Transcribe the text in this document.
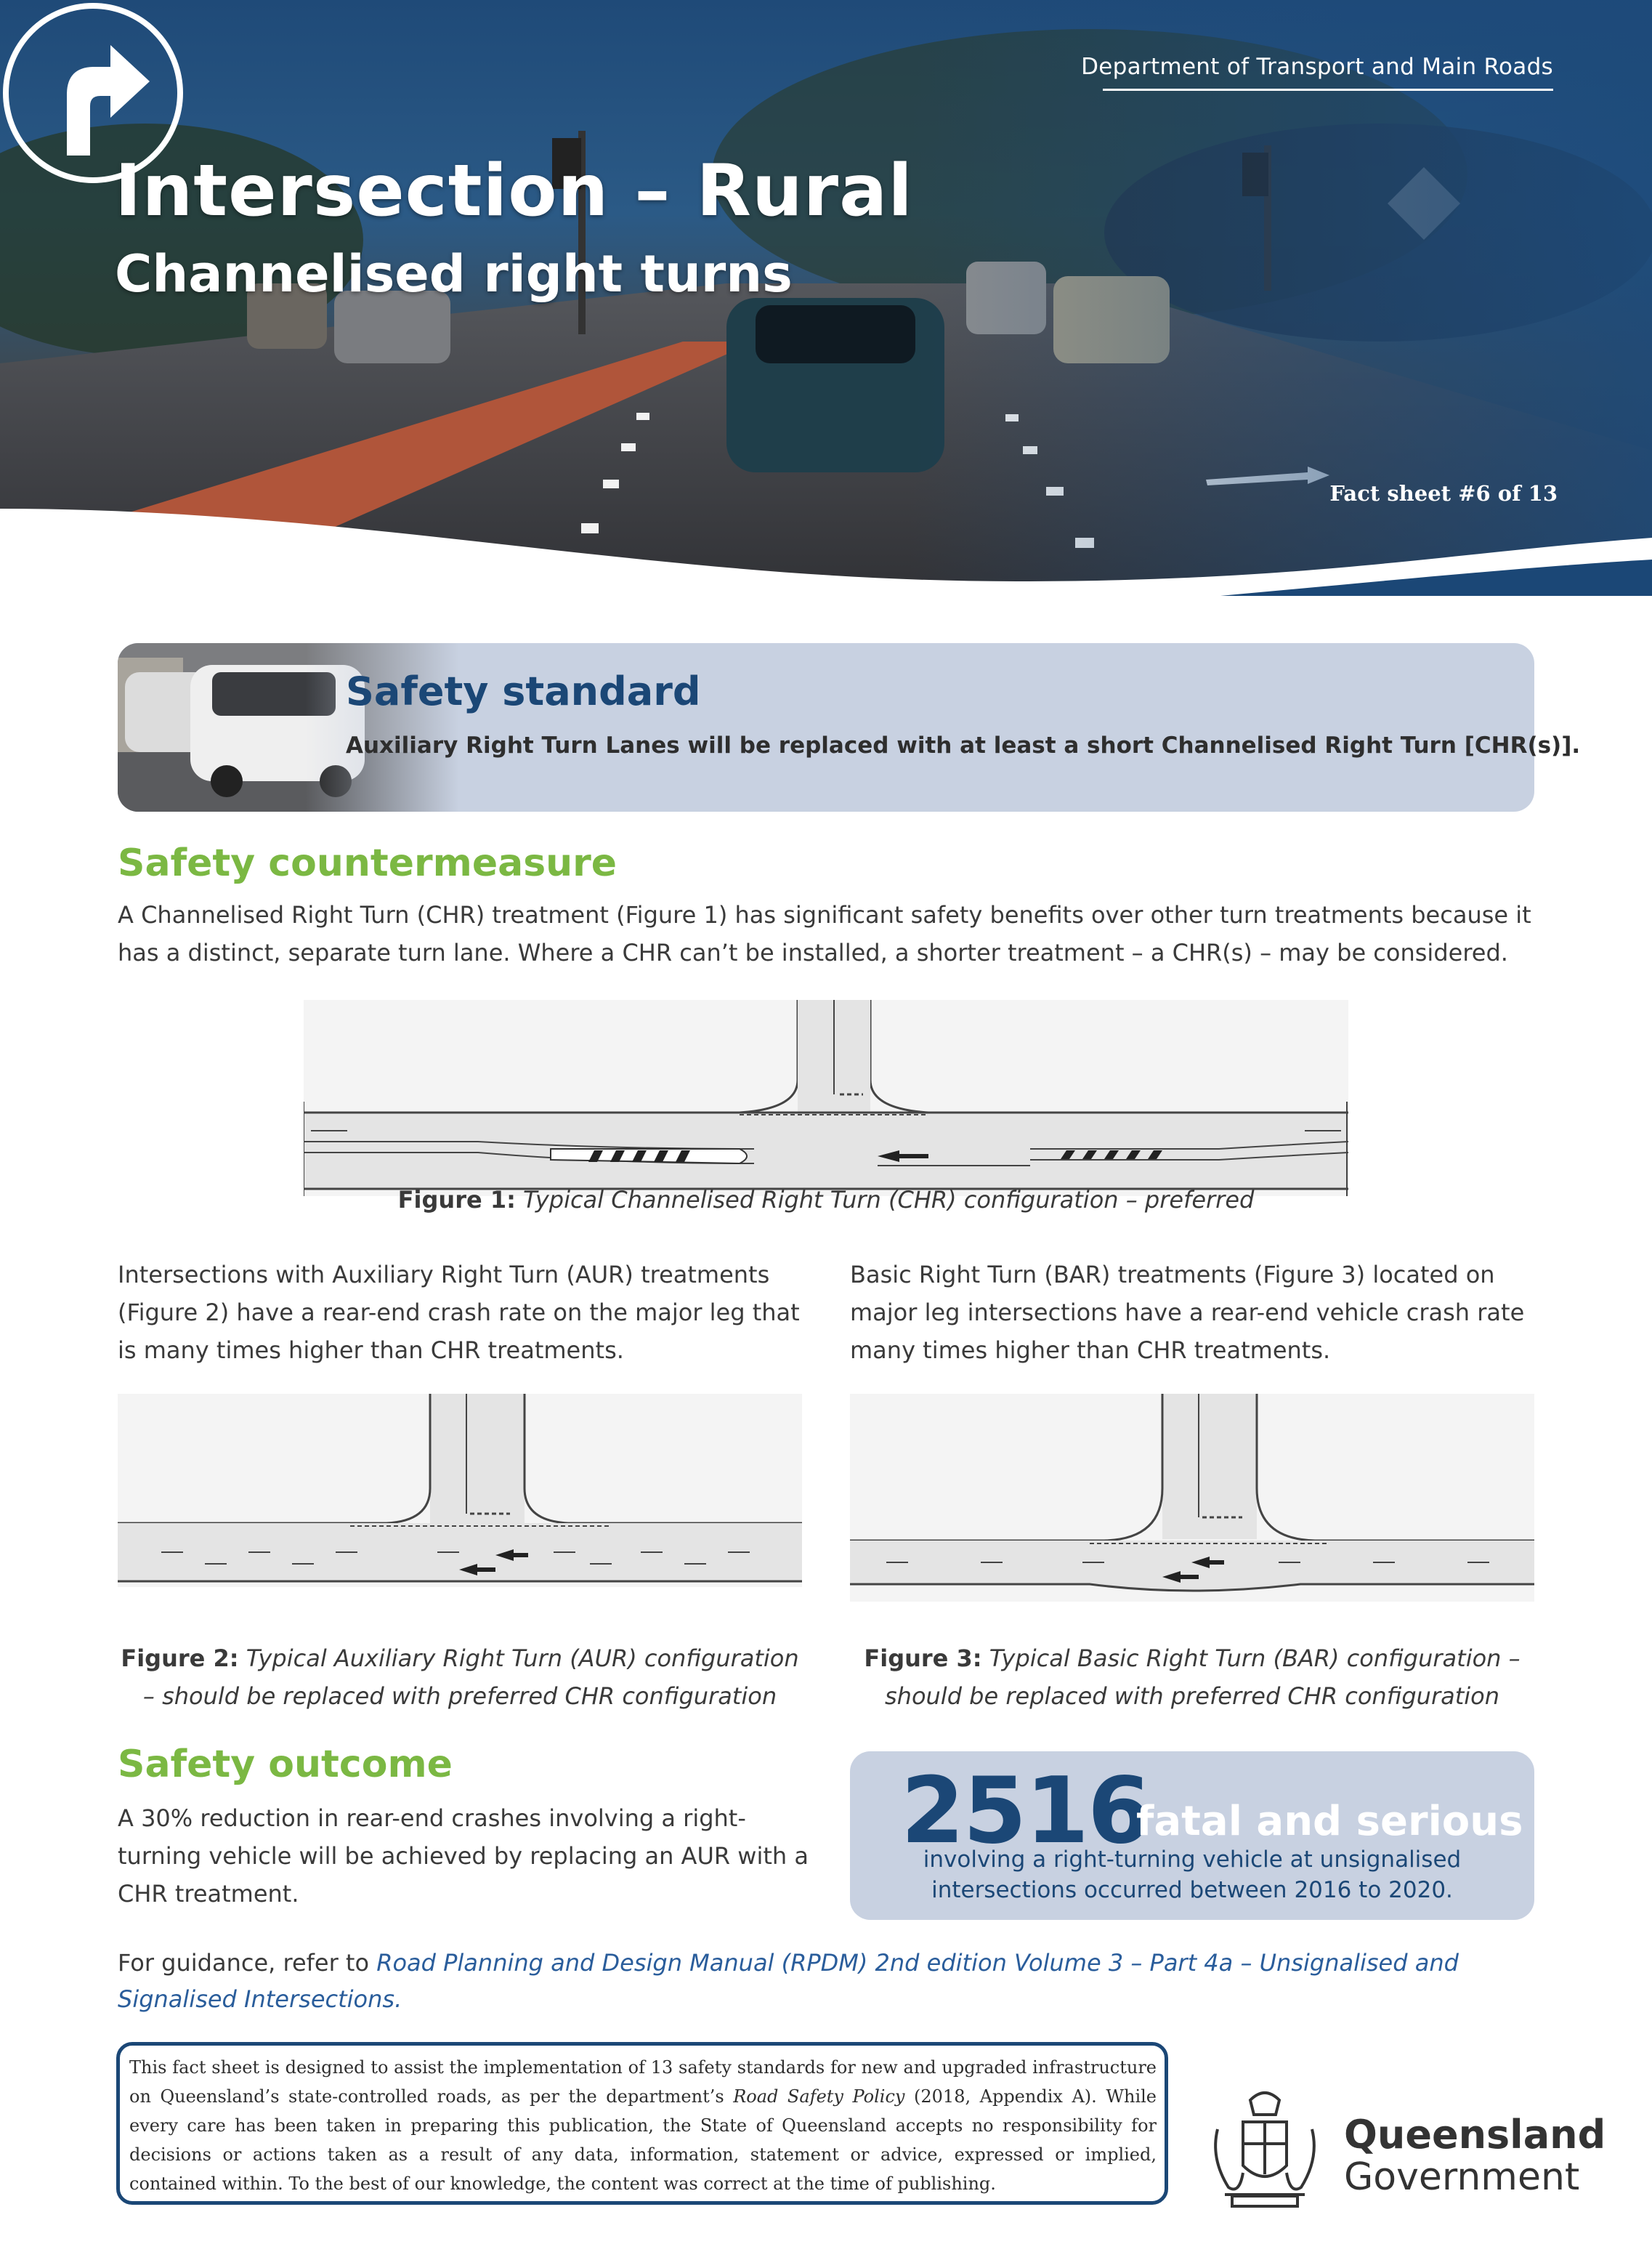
Department of Transport and Main Roads
Intersection – Rural
Channelised right turns
Fact sheet #6 of 13
Safety standard
Auxiliary Right Turn Lanes will be replaced with at least a short Channelised Right Turn [CHR(s)].
Safety countermeasure
A Channelised Right Turn (CHR) treatment (Figure 1) has significant safety benefits over other turn treatments because it has a distinct, separate turn lane. Where a CHR can’t be installed, a shorter treatment – a CHR(s) – may be considered.
Figure 1: Typical Channelised Right Turn (CHR) configuration – preferred
Intersections with Auxiliary Right Turn (AUR) treatments (Figure 2) have a rear-end crash rate on the major leg that is many times higher than CHR treatments.
Basic Right Turn (BAR) treatments (Figure 3) located on major leg intersections have a rear-end vehicle crash rate many times higher than CHR treatments.
Figure 2: Typical Auxiliary Right Turn (AUR) configuration – should be replaced with preferred CHR configuration
Figure 3: Typical Basic Right Turn (BAR) configuration – should be replaced with preferred CHR configuration
Safety outcome
A 30% reduction in rear-end crashes involving a right-turning vehicle will be achieved by replacing an AUR with a CHR treatment.
2516
fatal and serious
involving a right-turning vehicle at unsignalised intersections occurred between 2016 to 2020.
For guidance, refer to Road Planning and Design Manual (RPDM) 2nd edition Volume 3 – Part 4a – Unsignalised and Signalised Intersections.
This fact sheet is designed to assist the implementation of 13 safety standards for new and upgraded infrastructure on Queensland’s state-controlled roads, as per the department’s Road Safety Policy (2018, Appendix A). While every care has been taken in preparing this publication, the State of Queensland accepts no responsibility for decisions or actions taken as a result of any data, information, statement or advice, expressed or implied, contained within. To the best of our knowledge, the content was correct at the time of publishing.
Queensland
Government
